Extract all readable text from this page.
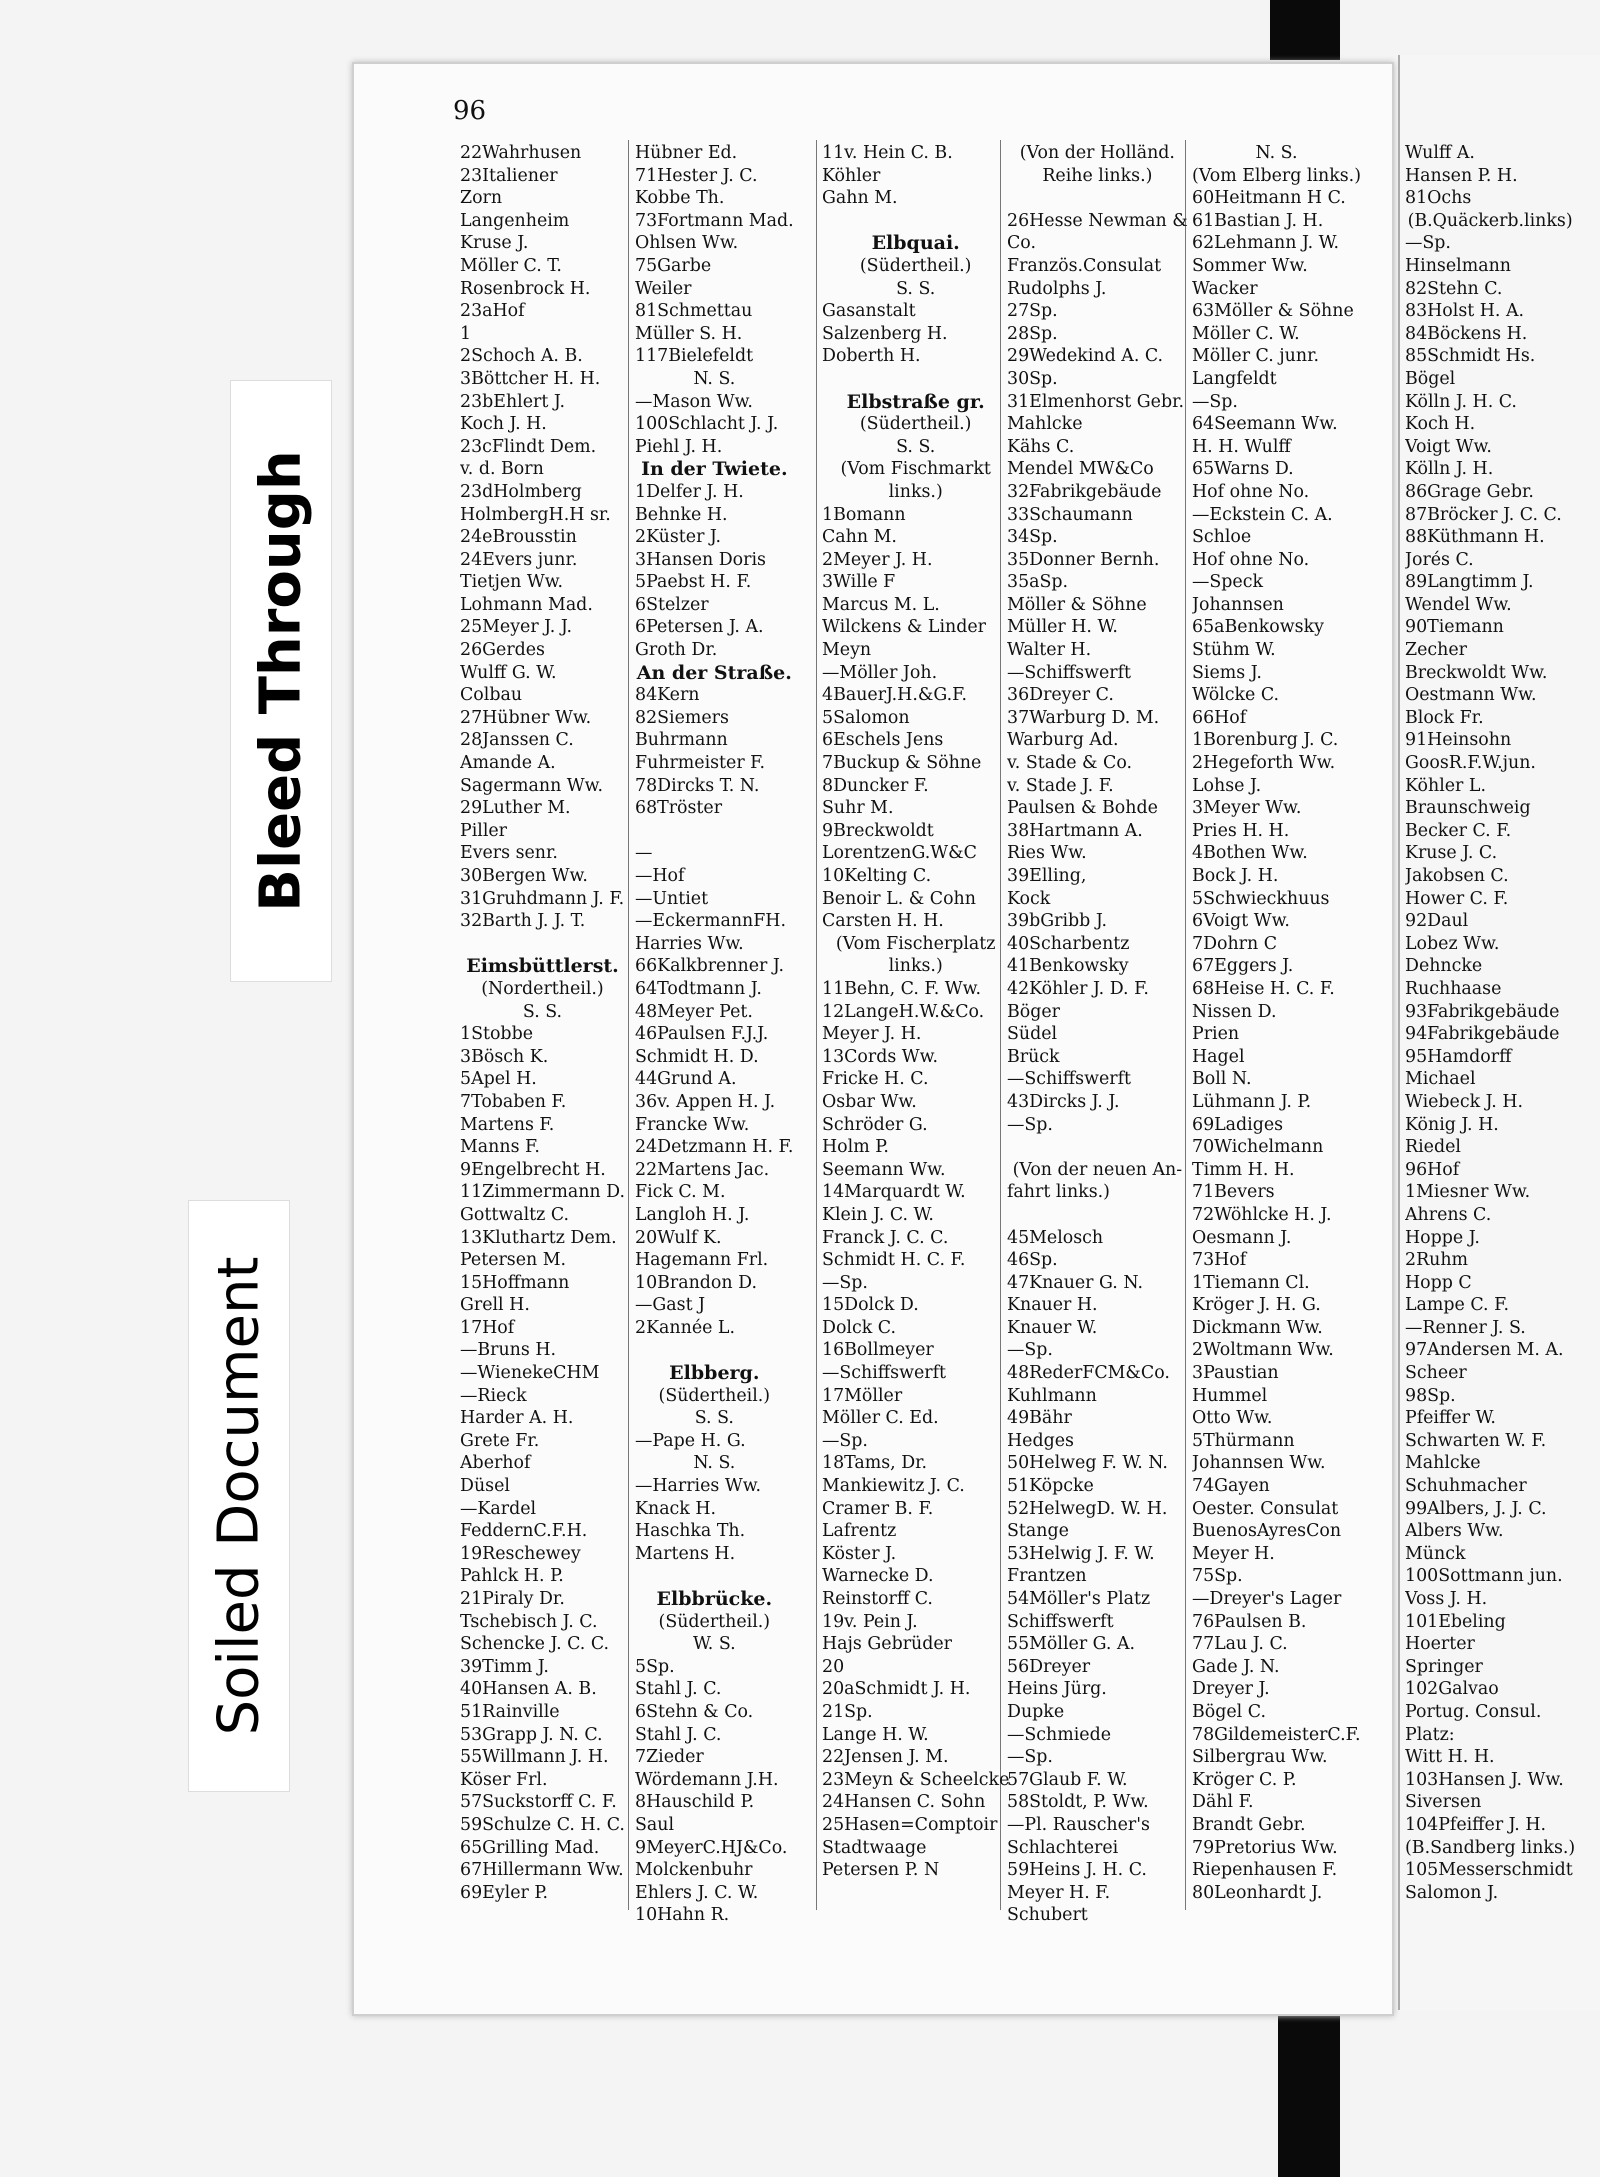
Bleed Through
Soiled Document
96
22Wahrhusen
23Italiener
Zorn
Langenheim
Kruse J.
Möller C. T.
Rosenbrock H.
23aHof
1
2Schoch A. B.
3Böttcher H. H.
23bEhlert J.
Koch J. H.
23cFlindt Dem.
v. d. Born
23dHolmberg
HolmbergH.H sr.
24eBrousstin
24Evers junr.
Tietjen Ww.
Lohmann Mad.
25Meyer J. J.
26Gerdes
Wulff G. W.
Colbau
27Hübner Ww.
28Janssen C.
Amande A.
Sagermann Ww.
29Luther M.
Piller
Evers senr.
30Bergen Ww.
31Gruhdmann J. F.
32Barth J. J. T.
Eimsbüttlerst.
(Nordertheil.)
S. S.
1Stobbe
3Bösch K.
5Apel H.
7Tobaben F.
Martens F.
Manns F.
9Engelbrecht H.
11Zimmermann D.
Gottwaltz C.
13Kluthartz Dem.
Petersen M.
15Hoffmann
Grell H.
17Hof
—Bruns H.
—WienekeCHM
—Rieck
Harder A. H.
Grete Fr.
Aberhof
Düsel
—Kardel
FeddernC.F.H.
19Reschewey
Pahlck H. P.
21Piraly Dr.
Tschebisch J. C.
Schencke J. C. C.
39Timm J.
40Hansen A. B.
51Rainville
53Grapp J. N. C.
55Willmann J. H.
Köser Frl.
57Suckstorff C. F.
59Schulze C. H. C.
65Grilling Mad.
67Hillermann Ww.
69Eyler P.
Hübner Ed.
71Hester J. C.
Kobbe Th.
73Fortmann Mad.
Ohlsen Ww.
75Garbe
Weiler
81Schmettau
Müller S. H.
117Bielefeldt
N. S.
—Mason Ww.
100Schlacht J. J.
Piehl J. H.
In der Twiete.
1Delfer J. H.
Behnke H.
2Küster J.
3Hansen Doris
5Paebst H. F.
6Stelzer
6Petersen J. A.
Groth Dr.
An der Straße.
84Kern
82Siemers
Buhrmann
Fuhrmeister F.
78Dircks T. N.
68Tröster
—
—Hof
—Untiet
—EckermannFH.
Harries Ww.
66Kalkbrenner J.
64Todtmann J.
48Meyer Pet.
46Paulsen F.J.J.
Schmidt H. D.
44Grund A.
36v. Appen H. J.
Francke Ww.
24Detzmann H. F.
22Martens Jac.
Fick C. M.
Langloh H. J.
20Wulf K.
Hagemann Frl.
10Brandon D.
—Gast J
2Kannée L.
Elbberg.
(Südertheil.)
S. S.
—Pape H. G.
N. S.
—Harries Ww.
Knack H.
Haschka Th.
Martens H.
Elbbrücke.
(Südertheil.)
W. S.
5Sp.
Stahl J. C.
6Stehn & Co.
Stahl J. C.
7Zieder
Wördemann J.H.
8Hauschild P.
Saul
9MeyerC.HJ&Co.
Molckenbuhr
Ehlers J. C. W.
10Hahn R.
11v. Hein C. B.
Köhler
Gahn M.
Elbquai.
(Südertheil.)
S. S.
Gasanstalt
Salzenberg H.
Doberth H.
Elbstraße gr.
(Südertheil.)
S. S.
(Vom Fischmarkt
links.)
1Bomann
Cahn M.
2Meyer J. H.
3Wille F
Marcus M. L.
Wilckens & Linder
Meyn
—Möller Joh.
4BauerJ.H.&G.F.
5Salomon
6Eschels Jens
7Buckup & Söhne
8Duncker F.
Suhr M.
9Breckwoldt
LorentzenG.W&C
10Kelting C.
Benoir L. & Cohn
Carsten H. H.
(Vom Fischerplatz
links.)
11Behn, C. F. Ww.
12LangeH.W.&Co.
Meyer J. H.
13Cords Ww.
Fricke H. C.
Osbar Ww.
Schröder G.
Holm P.
Seemann Ww.
14Marquardt W.
Klein J. C. W.
Franck J. C. C.
Schmidt H. C. F.
—Sp.
15Dolck D.
Dolck C.
16Bollmeyer
—Schiffswerft
17Möller
Möller C. Ed.
—Sp.
18Tams, Dr.
Mankiewitz J. C.
Cramer B. F.
Lafrentz
Köster J.
Warnecke D.
Reinstorff C.
19v. Pein J.
Hajs Gebrüder
20
20aSchmidt J. H.
21Sp.
Lange H. W.
22Jensen J. M.
23Meyn & Scheelcke
24Hansen C. Sohn
25Hasen=Comptoir
Stadtwaage
Petersen P. N
(Von der Holländ.
Reihe links.)
26Hesse Newman &
Co.
Französ.Consulat
Rudolphs J.
27Sp.
28Sp.
29Wedekind A. C.
30Sp.
31Elmenhorst Gebr.
Mahlcke
Kähs C.
Mendel MW&Co
32Fabrikgebäude
33Schaumann
34Sp.
35Donner Bernh.
35aSp.
Möller & Söhne
Müller H. W.
Walter H.
—Schiffswerft
36Dreyer C.
37Warburg D. M.
Warburg Ad.
v. Stade & Co.
v. Stade J. F.
Paulsen & Bohde
38Hartmann A.
Ries Ww.
39Elling,
Kock
39bGribb J.
40Scharbentz
41Benkowsky
42Köhler J. D. F.
Böger
Südel
Brück
—Schiffswerft
43Dircks J. J.
—Sp.
(Von der neuen An-
fahrt links.)
45Melosch
46Sp.
47Knauer G. N.
Knauer H.
Knauer W.
—Sp.
48RederFCM&Co.
Kuhlmann
49Bähr
Hedges
50Helweg F. W. N.
51Köpcke
52HelwegD. W. H.
Stange
53Helwig J. F. W.
Frantzen
54Möller's Platz
Schiffswerft
55Möller G. A.
56Dreyer
Heins Jürg.
Dupke
—Schmiede
—Sp.
57Glaub F. W.
58Stoldt, P. Ww.
—Pl. Rauscher's
Schlachterei
59Heins J. H. C.
Meyer H. F.
Schubert
N. S.
(Vom Elberg links.)
60Heitmann H C.
61Bastian J. H.
62Lehmann J. W.
Sommer Ww.
Wacker
63Möller & Söhne
Möller C. W.
Möller C. junr.
Langfeldt
—Sp.
64Seemann Ww.
H. H. Wulff
65Warns D.
Hof ohne No.
—Eckstein C. A.
Schloe
Hof ohne No.
—Speck
Johannsen
65aBenkowsky
Stühm W.
Siems J.
Wölcke C.
66Hof
1Borenburg J. C.
2Hegeforth Ww.
Lohse J.
3Meyer Ww.
Pries H. H.
4Bothen Ww.
Bock J. H.
5Schwieckhuus
6Voigt Ww.
7Dohrn C
67Eggers J.
68Heise H. C. F.
Nissen D.
Prien
Hagel
Boll N.
Lühmann J. P.
69Ladiges
70Wichelmann
Timm H. H.
71Bevers
72Wöhlcke H. J.
Oesmann J.
73Hof
1Tiemann Cl.
Kröger J. H. G.
Dickmann Ww.
2Woltmann Ww.
3Paustian
Hummel
Otto Ww.
5Thürmann
Johannsen Ww.
74Gayen
Oester. Consulat
BuenosAyresCon
Meyer H.
75Sp.
—Dreyer's Lager
76Paulsen B.
77Lau J. C.
Gade J. N.
Dreyer J.
Bögel C.
78GildemeisterC.F.
Silbergrau Ww.
Kröger C. P.
Dähl F.
Brandt Gebr.
79Pretorius Ww.
Riepenhausen F.
80Leonhardt J.
Wulff A.
Hansen P. H.
81Ochs
(B.Quäckerb.links)
—Sp.
Hinselmann
82Stehn C.
83Holst H. A.
84Böckens H.
85Schmidt Hs.
Bögel
Kölln J. H. C.
Koch H.
Voigt Ww.
Kölln J. H.
86Grage Gebr.
87Bröcker J. C. C.
88Küthmann H.
Jorés C.
89Langtimm J.
Wendel Ww.
90Tiemann
Zecher
Breckwoldt Ww.
Oestmann Ww.
Block Fr.
91Heinsohn
GoosR.F.W.jun.
Köhler L.
Braunschweig
Becker C. F.
Kruse J. C.
Jakobsen C.
Hower C. F.
92Daul
Lobez Ww.
Dehncke
Ruchhaase
93Fabrikgebäude
94Fabrikgebäude
95Hamdorff
Michael
Wiebeck J. H.
König J. H.
Riedel
96Hof
1Miesner Ww.
Ahrens C.
Hoppe J.
2Ruhm
Hopp C
Lampe C. F.
—Renner J. S.
97Andersen M. A.
Scheer
98Sp.
Pfeiffer W.
Schwarten W. F.
Mahlcke
Schuhmacher
99Albers, J. J. C.
Albers Ww.
Münck
100Sottmann jun.
Voss J. H.
101Ebeling
Hoerter
Springer
102Galvao
Portug. Consul.
Platz:
Witt H. H.
103Hansen J. Ww.
Siversen
104Pfeiffer J. H.
(B.Sandberg links.)
105Messerschmidt
Salomon J.
